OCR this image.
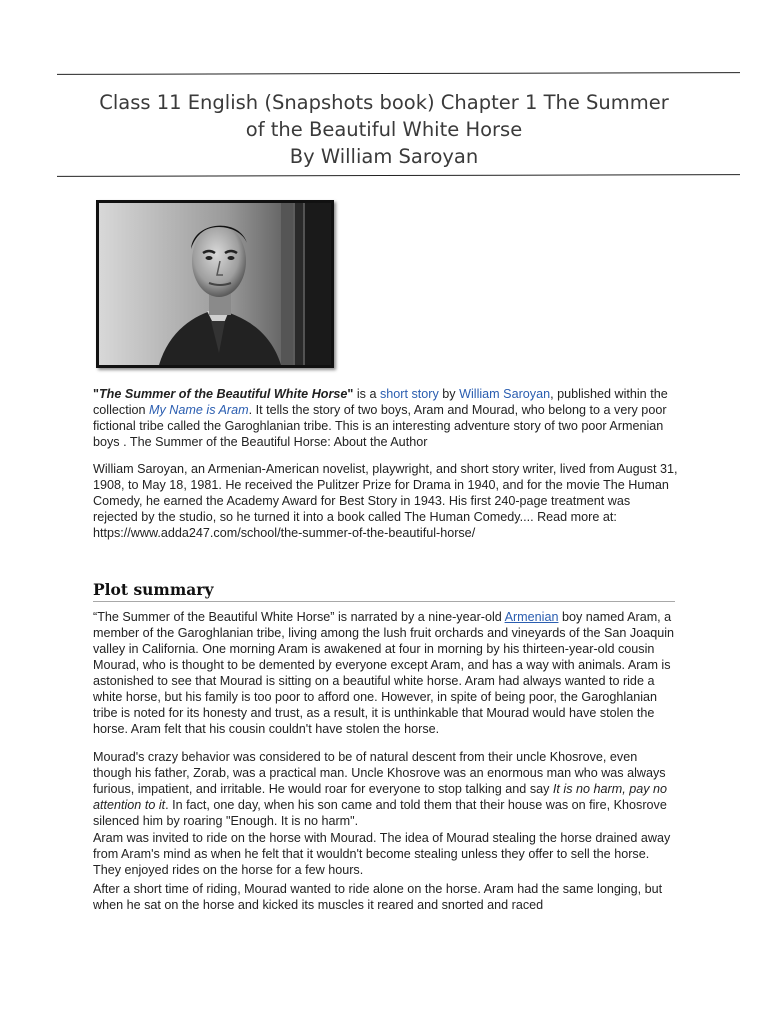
Class 11 English (Snapshots book) Chapter 1 The Summer
of the Beautiful White Horse
By William Saroyan

"The Summer of the Beautiful White Horse" is a short story by William Saroyan, published within the collection My Name is Aram. It tells the story of two boys, Aram and Mourad, who belong to a very poor fictional tribe called the Garoghlanian tribe. This is an interesting adventure story of two poor Armenian boys . The Summer of the Beautiful Horse: About the Author

William Saroyan, an Armenian-American novelist, playwright, and short story writer, lived from August 31, 1908, to May 18, 1981. He received the Pulitzer Prize for Drama in 1940, and for the movie The Human Comedy, he earned the Academy Award for Best Story in 1943. His first 240-page treatment was rejected by the studio, so he turned it into a book called The Human Comedy.... Read more at: https://www.adda247.com/school/the-summer-of-the-beautiful-horse/

Plot summary

“The Summer of the Beautiful White Horse” is narrated by a nine-year-old Armenian boy named Aram, a member of the Garoghlanian tribe, living among the lush fruit orchards and vineyards of the San Joaquin valley in California. One morning Aram is awakened at four in morning by his thirteen-year-old cousin Mourad, who is thought to be demented by everyone except Aram, and has a way with animals. Aram is astonished to see that Mourad is sitting on a beautiful white horse. Aram had always wanted to ride a white horse, but his family is too poor to afford one. However, in spite of being poor, the Garoghlanian tribe is noted for its honesty and trust, as a result, it is unthinkable that Mourad would have stolen the horse. Aram felt that his cousin couldn't have stolen the horse.

Mourad's crazy behavior was considered to be of natural descent from their uncle Khosrove, even though his father, Zorab, was a practical man. Uncle Khosrove was an enormous man who was always furious, impatient, and irritable. He would roar for everyone to stop talking and say It is no harm, pay no attention to it. In fact, one day, when his son came and told them that their house was on fire, Khosrove silenced him by roaring "Enough. It is no harm".

Aram was invited to ride on the horse with Mourad. The idea of Mourad stealing the horse drained away from Aram's mind as when he felt that it wouldn't become stealing unless they offer to sell the horse. They enjoyed rides on the horse for a few hours.

After a short time of riding, Mourad wanted to ride alone on the horse. Aram had the same longing, but when he sat on the horse and kicked its muscles it reared and snorted and raced
